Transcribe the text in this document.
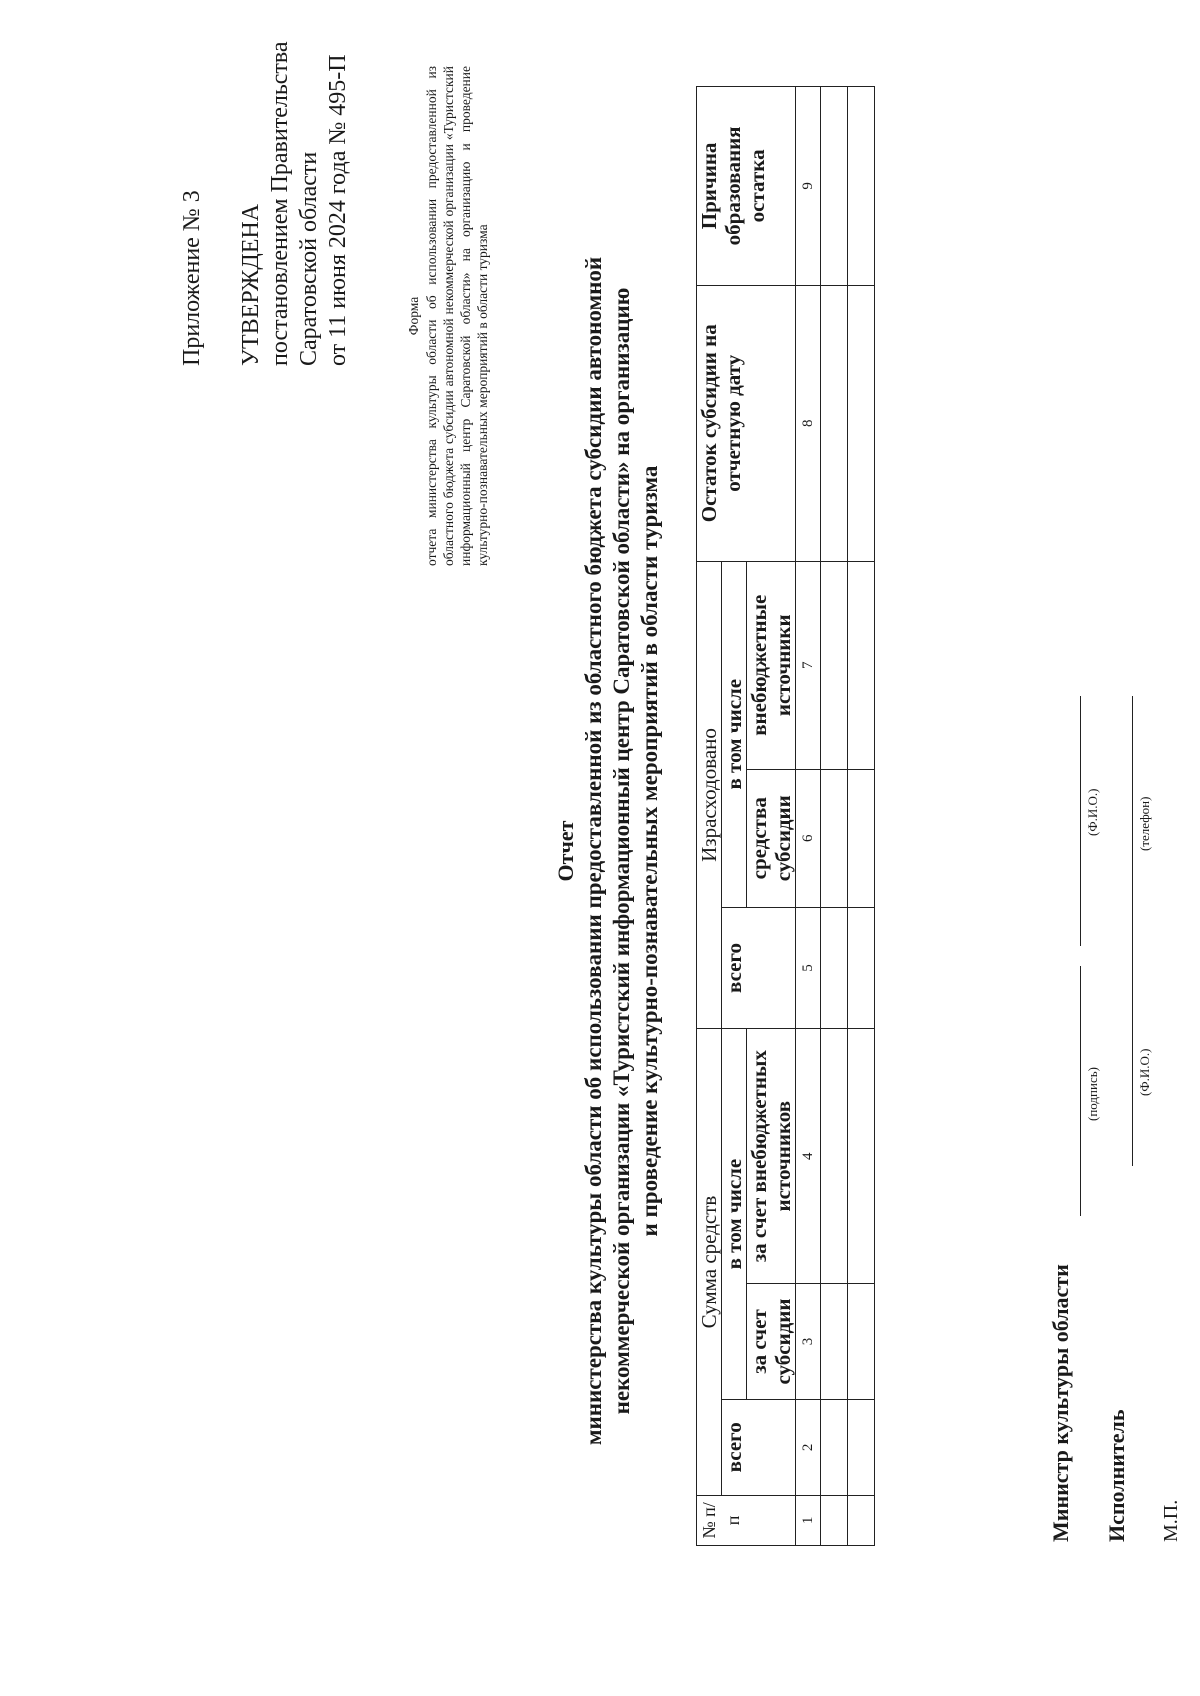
Приложение № 3 УТВЕРЖДЕНА постановлением Правительства Саратовской области от 11 июня 2024 года № 495-П	Форма отчета министерства культуры области об использовании предоставленной из областного бюджета субсидии автономной некоммерческой организации «Туристский информационный центр Саратовской области» на организацию и проведение культурно-познавательных мероприятий в области туризма
Отчет министерства культуры области об использовании предоставленной из областного бюджета субсидии автономной некоммерческой организации «Туристский информационный центр Саратовской области» на организацию и проведение культурно-познавательных мероприятий в области туризма
№ п/п	Сумма средств			Израсходовано			Остаток субсидии на отчетную дату	Причина образования остатка
	всего	в том числе		всего	в том числе			
		за счет субсидии	за счет внебюджетных источников		средства субсидии	внебюджетные источники		
1	2	3	4	5	6	7	8	9

Министр культуры области
(подпись)
(Ф.И.О.)
Исполнитель
(Ф.И.О.)
(телефон)
М.П.
